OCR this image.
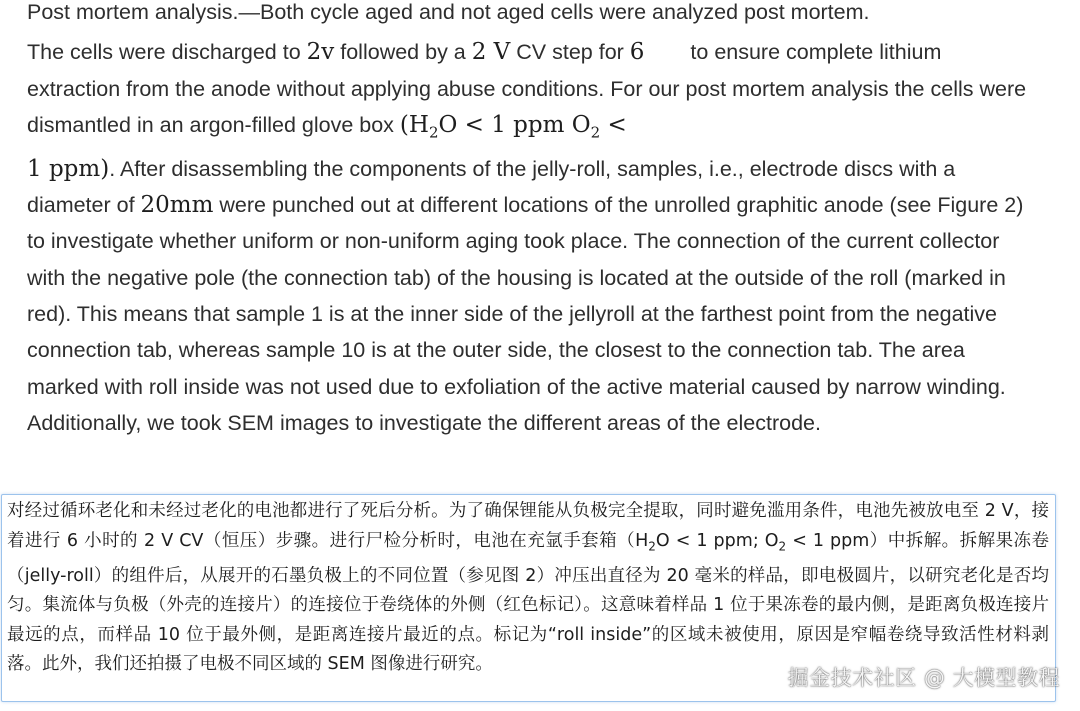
Post mortem analysis.—Both cycle aged and not aged cells were analyzed post mortem.

The cells were discharged to 2v followed by a 2 V CV step for 6 to ensure complete lithium extraction from the anode without applying abuse conditions. For our post mortem analysis the cells were dismantled in an argon-filled glove box ($H_2O < 1$ ppm $O_2$ <
1 ppm). After disassembling the components of the jelly-roll, samples, i.e., electrode discs with a diameter of 20mm were punched out at different locations of the unrolled graphitic anode (see Figure 2) to investigate whether uniform or non-uniform aging took place. The connection of the current collector with the negative pole (the connection tab) of the housing is located at the outside of the roll (marked in red). This means that sample 1 is at the inner side of the jellyroll at the farthest point from the negative connection tab, whereas sample 10 is at the outer side, the closest to the connection tab. The area marked with roll inside was not used due to exfoliation of the active material caused by narrow winding. Additionally, we took SEM images to investigate the different areas of the electrode.

对经过循环老化和未经过老化的电池都进行了死后分析。为了确保锂能从负极完全提取，同时避免滥用条件，电池先被放电至 2 V，接着进行 6 小时的 2 V CV（恒压）步骤。进行尸检分析时，电池在充氩手套箱（$H_2O < 1$ ppm; $O_2 < 1$ ppm）中拆解。拆解果冻卷（jelly-roll）的组件后，从展开的石墨负极上的不同位置（参见图 2）冲压出直径为 20 毫米的样品，即电极圆片，以研究老化是否均匀。集流体与负极（外壳的连接片）的连接位于卷绕体的外侧（红色标记）。这意味着样品 1 位于果冻卷的最内侧，是距离负极连接片最远的点，而样品 10 位于最外侧，是距离连接片最近的点。标记为“roll inside”的区域未被使用，原因是窄幅卷绕导致活性材料剥落。此外，我们还拍摄了电极不同区域的 SEM 图像进行研究。
掘金技术社区 @ 大模型教程
